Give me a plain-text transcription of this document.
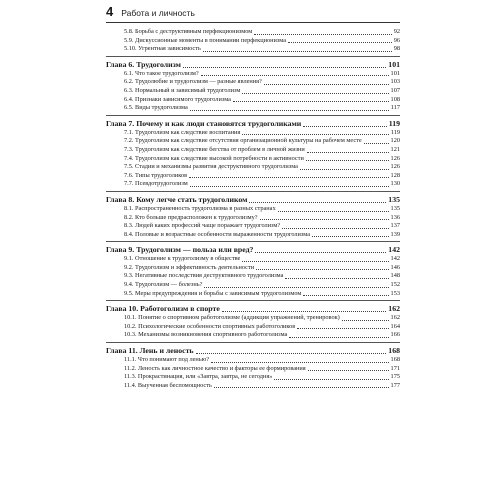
4 Работа и личность
5.8. Борьба с деструктивным перфекционизмом	92
5.9. Дискуссионные моменты в понимании перфекционизма	96
5.10. Угрентная зависимость	98
Глава 6. Трудоголизм	101
6.1. Что такое трудоголизм?	101
6.2. Трудолюбие и трудоголизм — разные явления?	103
6.3. Нормальный и зависимый трудоголизм	107
6.4. Признаки зависимого трудоголизма	108
6.5. Виды трудоголизма	117
Глава 7. Почему и как люди становятся трудоголиками	119
7.1. Трудоголизм как следствие воспитания	119
7.2. Трудоголизм как следствие отсутствия организационной культуры на рабочем месте	120
7.3. Трудоголизм как следствие бегства от проблем в личной жизни	121
7.4. Трудоголизм как следствие высокой потребности в активности	126
7.5. Стадии и механизмы развития деструктивного трудоголизма	126
7.6. Типы трудоголиков	128
7.7. Псевдотрудоголизм	130
Глава 8. Кому легче стать трудоголиком	135
8.1. Распространенность трудоголизма в разных странах	135
8.2. Кто больше предрасположен к трудоголизму?	136
8.3. Людей каких профессий чаще поражает трудоголизм?	137
8.4. Половые и возрастные особенности выраженности трудоголизма	139
Глава 9. Трудоголизм — польза или вред?	142
9.1. Отношение к трудоголизму в обществе	142
9.2. Трудоголизм и эффективность деятельности	146
9.3. Негативные последствия деструктивного трудоголизма	148
9.4. Трудоголизм — болезнь?	152
9.5. Меры предупреждения и борьбы с зависимым трудоголизмом	153
Глава 10. Работоголизм в спорте	162
10.1. Понятие о спортивном работоголизме (аддикция упражнений, тренировок)	162
10.2. Психологические особенности спортивных работоголиков	164
10.3. Механизмы возникновения спортивного работоголизма	166
Глава 11. Лень и леность	168
11.1. Что понимают под ленью?	168
11.2. Леность как личностное качество и факторы ее формирования	171
11.3. Прокрастинация, или «Завтра, завтра, не сегодня»	175
11.4. Выученная беспомощность	177
